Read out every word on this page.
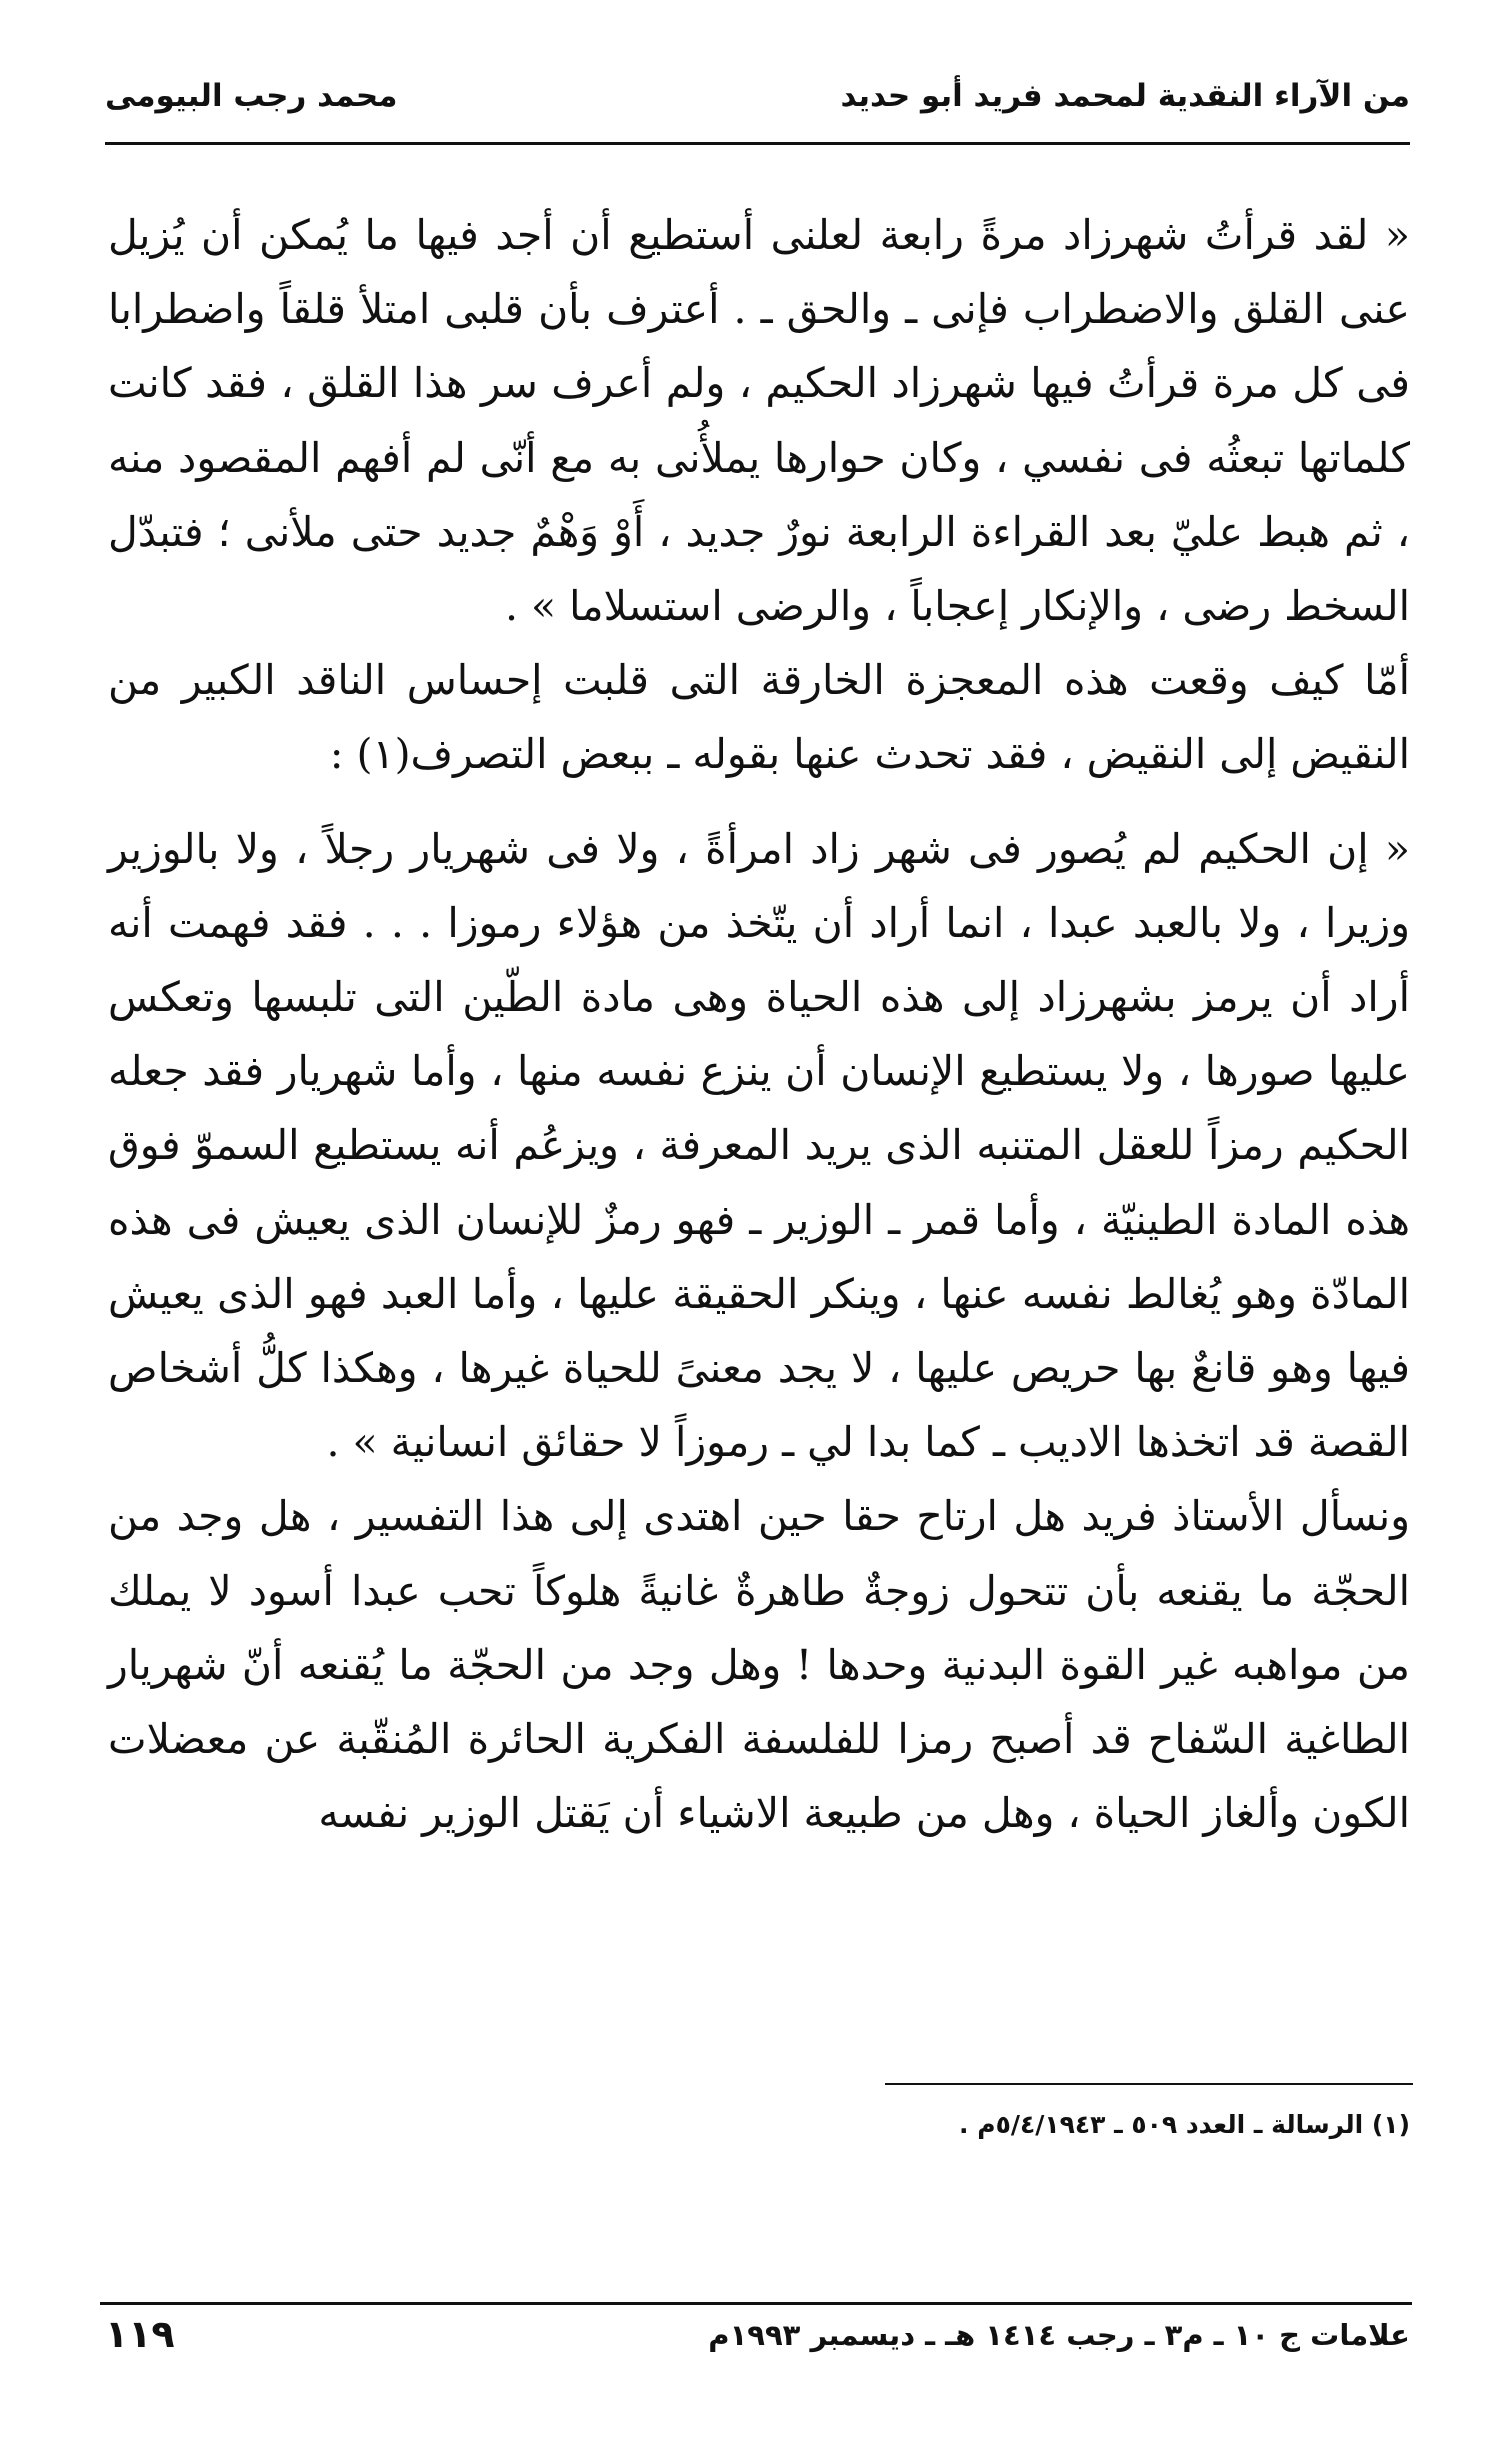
من الآراء النقدية لمحمد فريد أبو حديد
محمد رجب البيومى

« لقد قرأتُ شهرزاد مرةً رابعة لعلنى أستطيع أن أجد فيها ما يُمكن أن يُزيل عنى القلق والاضطراب فإنى ـ والحق ـ . أعترف بأن قلبى امتلأ قلقاً واضطرابا فى كل مرة قرأتُ فيها شهرزاد الحكيم ، ولم أعرف سر هذا القلق ، فقد كانت كلماتها تبعثُه فى نفسي ، وكان حوارها يملأُنى به مع أنّى لم أفهم المقصود منه ، ثم هبط عليّ بعد القراءة الرابعة نورٌ جديد ، أَوْ وَهْمٌ جديد حتى ملأنى ؛ فتبدّل السخط رضى ، والإنكار إعجاباً ، والرضى استسلاما » .

أمّا كيف وقعت هذه المعجزة الخارقة التى قلبت إحساس الناقد الكبير من النقيض إلى النقيض ، فقد تحدث عنها بقوله ـ ببعض التصرف(١) :

« إن الحكيم لم يُصور فى شهر زاد امرأةً ، ولا فى شهريار رجلاً ، ولا بالوزير وزيرا ، ولا بالعبد عبدا ، انما أراد أن يتّخذ من هؤلاء رموزا . . . فقد فهمت أنه أراد أن يرمز بشهرزاد إلى هذه الحياة وهى مادة الطّين التى تلبسها وتعكس عليها صورها ، ولا يستطيع الإنسان أن ينزع نفسه منها ، وأما شهريار فقد جعله الحكيم رمزاً للعقل المتنبه الذى يريد المعرفة ، ويزعُم أنه يستطيع السموّ فوق هذه المادة الطينيّة ، وأما قمر ـ الوزير ـ فهو رمزٌ للإنسان الذى يعيش فى هذه المادّة وهو يُغالط نفسه عنها ، وينكر الحقيقة عليها ، وأما العبد فهو الذى يعيش فيها وهو قانعٌ بها حريص عليها ، لا يجد معنىً للحياة غيرها ، وهكذا كلُّ أشخاص القصة قد اتخذها الاديب ـ كما بدا لي ـ رموزاً لا حقائق انسانية » .

ونسأل الأستاذ فريد هل ارتاح حقا حين اهتدى إلى هذا التفسير ، هل وجد من الحجّة ما يقنعه بأن تتحول زوجةٌ طاهرةٌ غانيةً هلوكاً تحب عبدا أسود لا يملك من مواهبه غير القوة البدنية وحدها ! وهل وجد من الحجّة ما يُقنعه أنّ شهريار الطاغية السّفاح قد أصبح رمزا للفلسفة الفكرية الحائرة المُنقّبة عن معضلات الكون وألغاز الحياة ، وهل من طبيعة الاشياء أن يَقتل الوزير نفسه

(١) الرسالة ـ العدد ٥٠٩ ـ ٥/٤/١٩٤٣م .
علامات ج ١٠ ـ م٣ ـ رجب ١٤١٤ هـ ـ ديسمبر ١٩٩٣م
١١٩
